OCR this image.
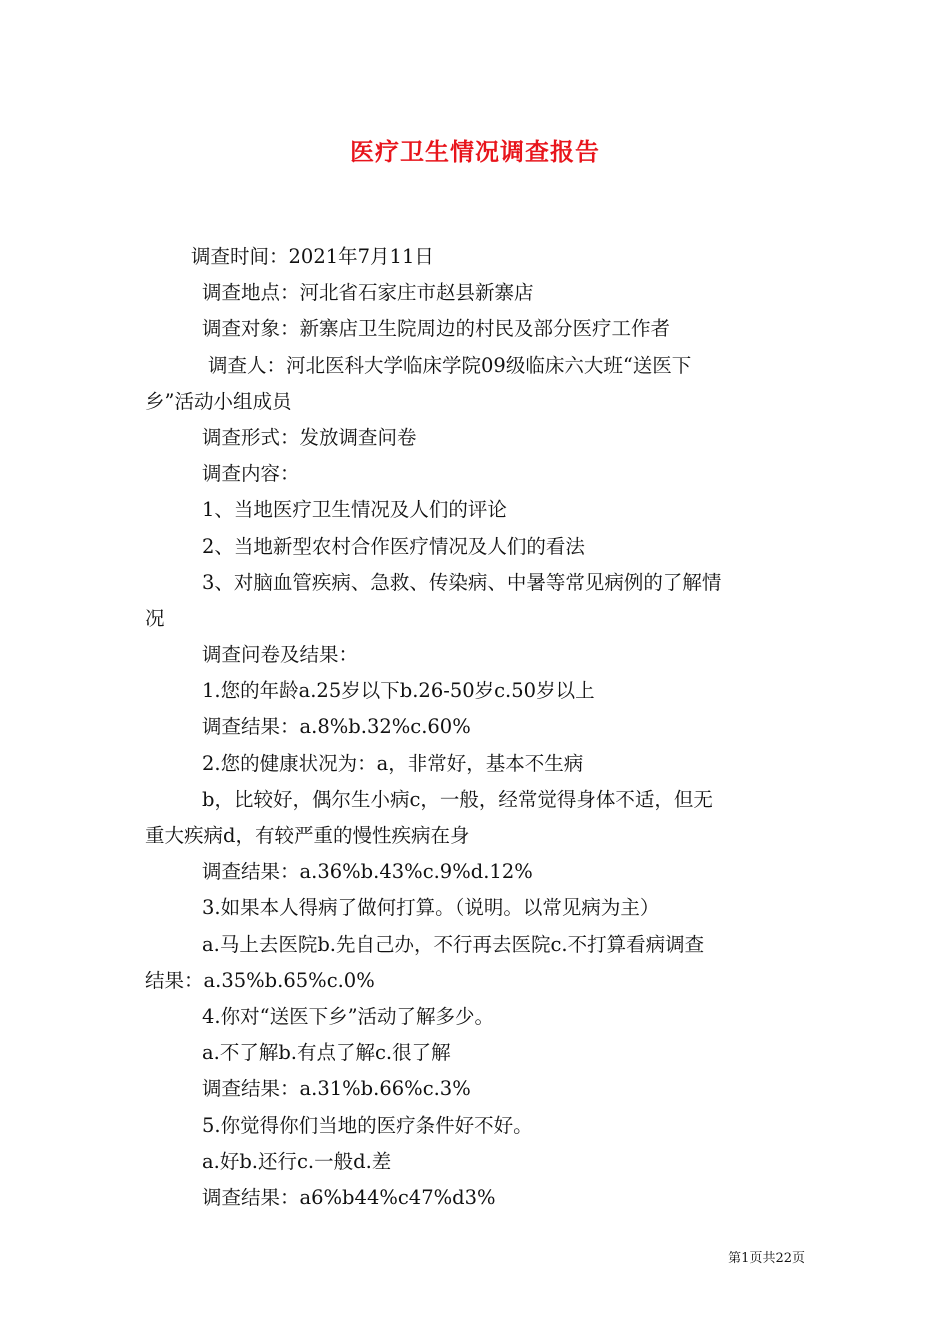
医疗卫生情况调查报告
调查时间：2021年7月11日
调查地点：河北省石家庄市赵县新寨店
调查对象：新寨店卫生院周边的村民及部分医疗工作者
调查人：河北医科大学临床学院09级临床六大班“送医下
乡”活动小组成员
调查形式：发放调查问卷
调查内容：
1、当地医疗卫生情况及人们的评论
2、当地新型农村合作医疗情况及人们的看法
3、对脑血管疾病、急救、传染病、中暑等常见病例的了解情
况
调查问卷及结果：
1.您的年龄a.25岁以下b.26-50岁c.50岁以上
调查结果：a.8%b.32%c.60%
2.您的健康状况为：a，非常好，基本不生病
b，比较好，偶尔生小病c，一般，经常觉得身体不适，但无
重大疾病d，有较严重的慢性疾病在身
调查结果：a.36%b.43%c.9%d.12%
3.如果本人得病了做何打算。（说明。以常见病为主）
a.马上去医院b.先自己办，不行再去医院c.不打算看病调查
结果：a.35%b.65%c.0%
4.你对“送医下乡”活动了解多少。
a.不了解b.有点了解c.很了解
调查结果：a.31%b.66%c.3%
5.你觉得你们当地的医疗条件好不好。
a.好b.还行c.一般d.差
调查结果：a6%b44%c47%d3%
第1页共22页
